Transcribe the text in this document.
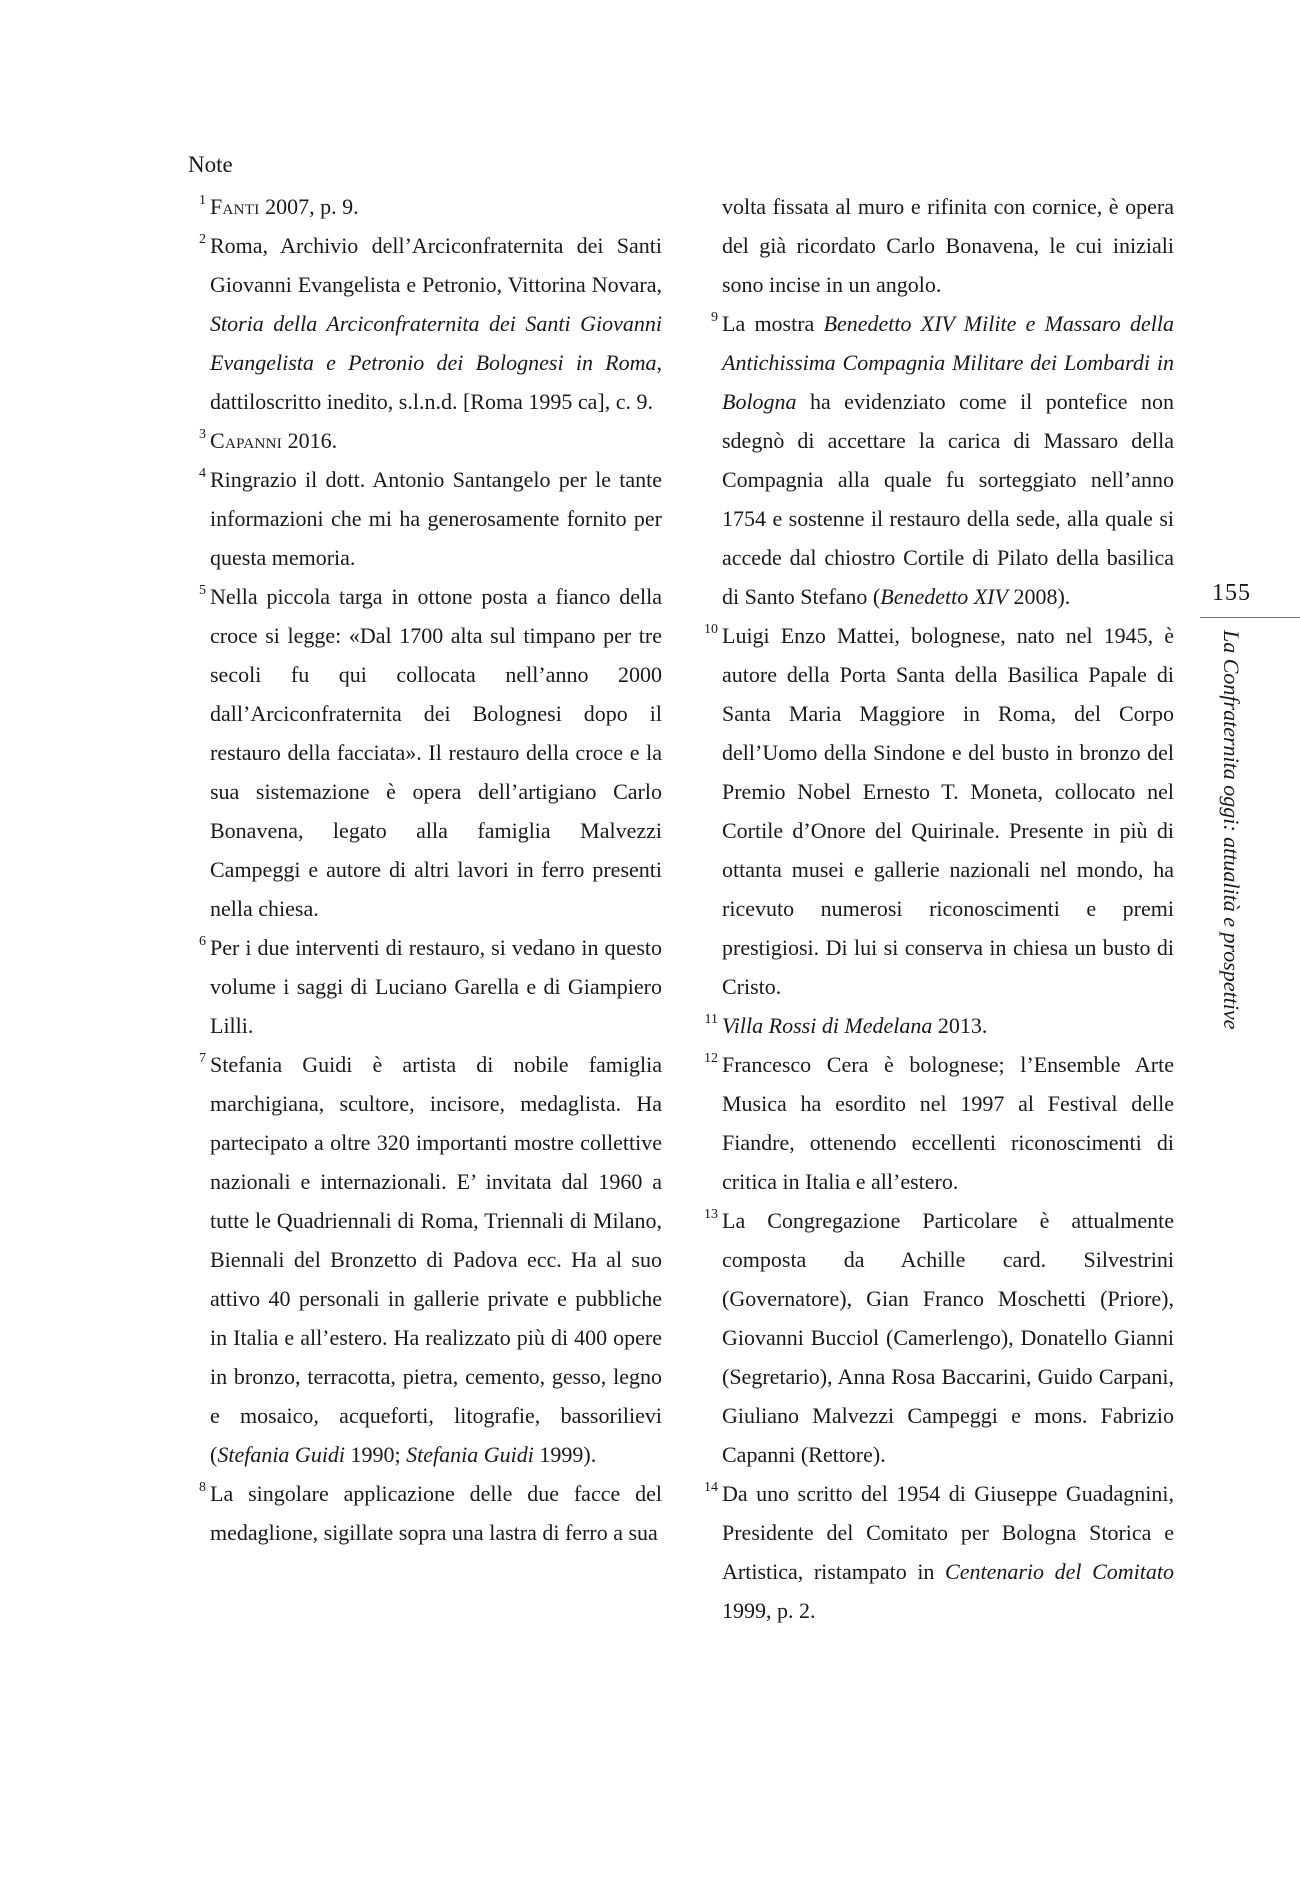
Note

1 Fanti 2007, p. 9.

2 Roma, Archivio dell’Arciconfraternita dei Santi Giovanni Evangelista e Petronio, Vittorina Novara, Storia della Arciconfraternita dei Santi Giovanni Evangelista e Petronio dei Bolognesi in Roma, dattiloscritto inedito, s.l.n.d. [Roma 1995 ca], c. 9.

3 Capanni 2016.

4 Ringrazio il dott. Antonio Santangelo per le tante informazioni che mi ha generosamente fornito per questa memoria.

5 Nella piccola targa in ottone posta a fianco della croce si legge: «Dal 1700 alta sul timpano per tre secoli fu qui collocata nell’anno 2000 dall’Arciconfraternita dei Bolognesi dopo il restauro della facciata». Il restauro della croce e la sua sistemazione è opera dell’artigiano Carlo Bonavena, legato alla famiglia Malvezzi Campeggi e autore di altri lavori in ferro presenti nella chiesa.

6 Per i due interventi di restauro, si vedano in questo volume i saggi di Luciano Garella e di Giampiero Lilli.

7 Stefania Guidi è artista di nobile famiglia marchigiana, scultore, incisore, medaglista. Ha partecipato a oltre 320 importanti mostre collettive nazionali e internazionali. E’ invitata dal 1960 a tutte le Quadriennali di Roma, Triennali di Milano, Biennali del Bronzetto di Padova ecc. Ha al suo attivo 40 personali in gallerie private e pubbliche in Italia e all’estero. Ha realizzato più di 400 opere in bronzo, terracotta, pietra, cemento, gesso, legno e mosaico, acqueforti, litografie, bassorilievi (Stefania Guidi 1990; Stefania Guidi 1999).

8 La singolare applicazione delle due facce del medaglione, sigillate sopra una lastra di ferro a sua

volta fissata al muro e rifinita con cornice, è opera del già ricordato Carlo Bonavena, le cui iniziali sono incise in un angolo.

9 La mostra Benedetto XIV Milite e Massaro della Antichissima Compagnia Militare dei Lombardi in Bologna ha evidenziato come il pontefice non sdegnò di accettare la carica di Massaro della Compagnia alla quale fu sorteggiato nell’anno 1754 e sostenne il restauro della sede, alla quale si accede dal chiostro Cortile di Pilato della basilica di Santo Stefano (Benedetto XIV 2008).

10 Luigi Enzo Mattei, bolognese, nato nel 1945, è autore della Porta Santa della Basilica Papale di Santa Maria Maggiore in Roma, del Corpo dell’Uomo della Sindone e del busto in bronzo del Premio Nobel Ernesto T. Moneta, collocato nel Cortile d’Onore del Quirinale. Presente in più di ottanta musei e gallerie nazionali nel mondo, ha ricevuto numerosi riconoscimenti e premi prestigiosi. Di lui si conserva in chiesa un busto di Cristo.

11 Villa Rossi di Medelana 2013.

12 Francesco Cera è bolognese; l’Ensemble Arte Musica ha esordito nel 1997 al Festival delle Fiandre, ottenendo eccellenti riconoscimenti di critica in Italia e all’estero.

13 La Congregazione Particolare è attualmente composta da Achille card. Silvestrini (Governatore), Gian Franco Moschetti (Priore), Giovanni Bucciol (Camerlengo), Donatello Gianni (Segretario), Anna Rosa Baccarini, Guido Carpani, Giuliano Malvezzi Campeggi e mons. Fabrizio Capanni (Rettore).

14 Da uno scritto del 1954 di Giuseppe Guadagnini, Presidente del Comitato per Bologna Storica e Artistica, ristampato in Centenario del Comitato 1999, p. 2.

155
La Confraternita oggi: attualità e prospettive
